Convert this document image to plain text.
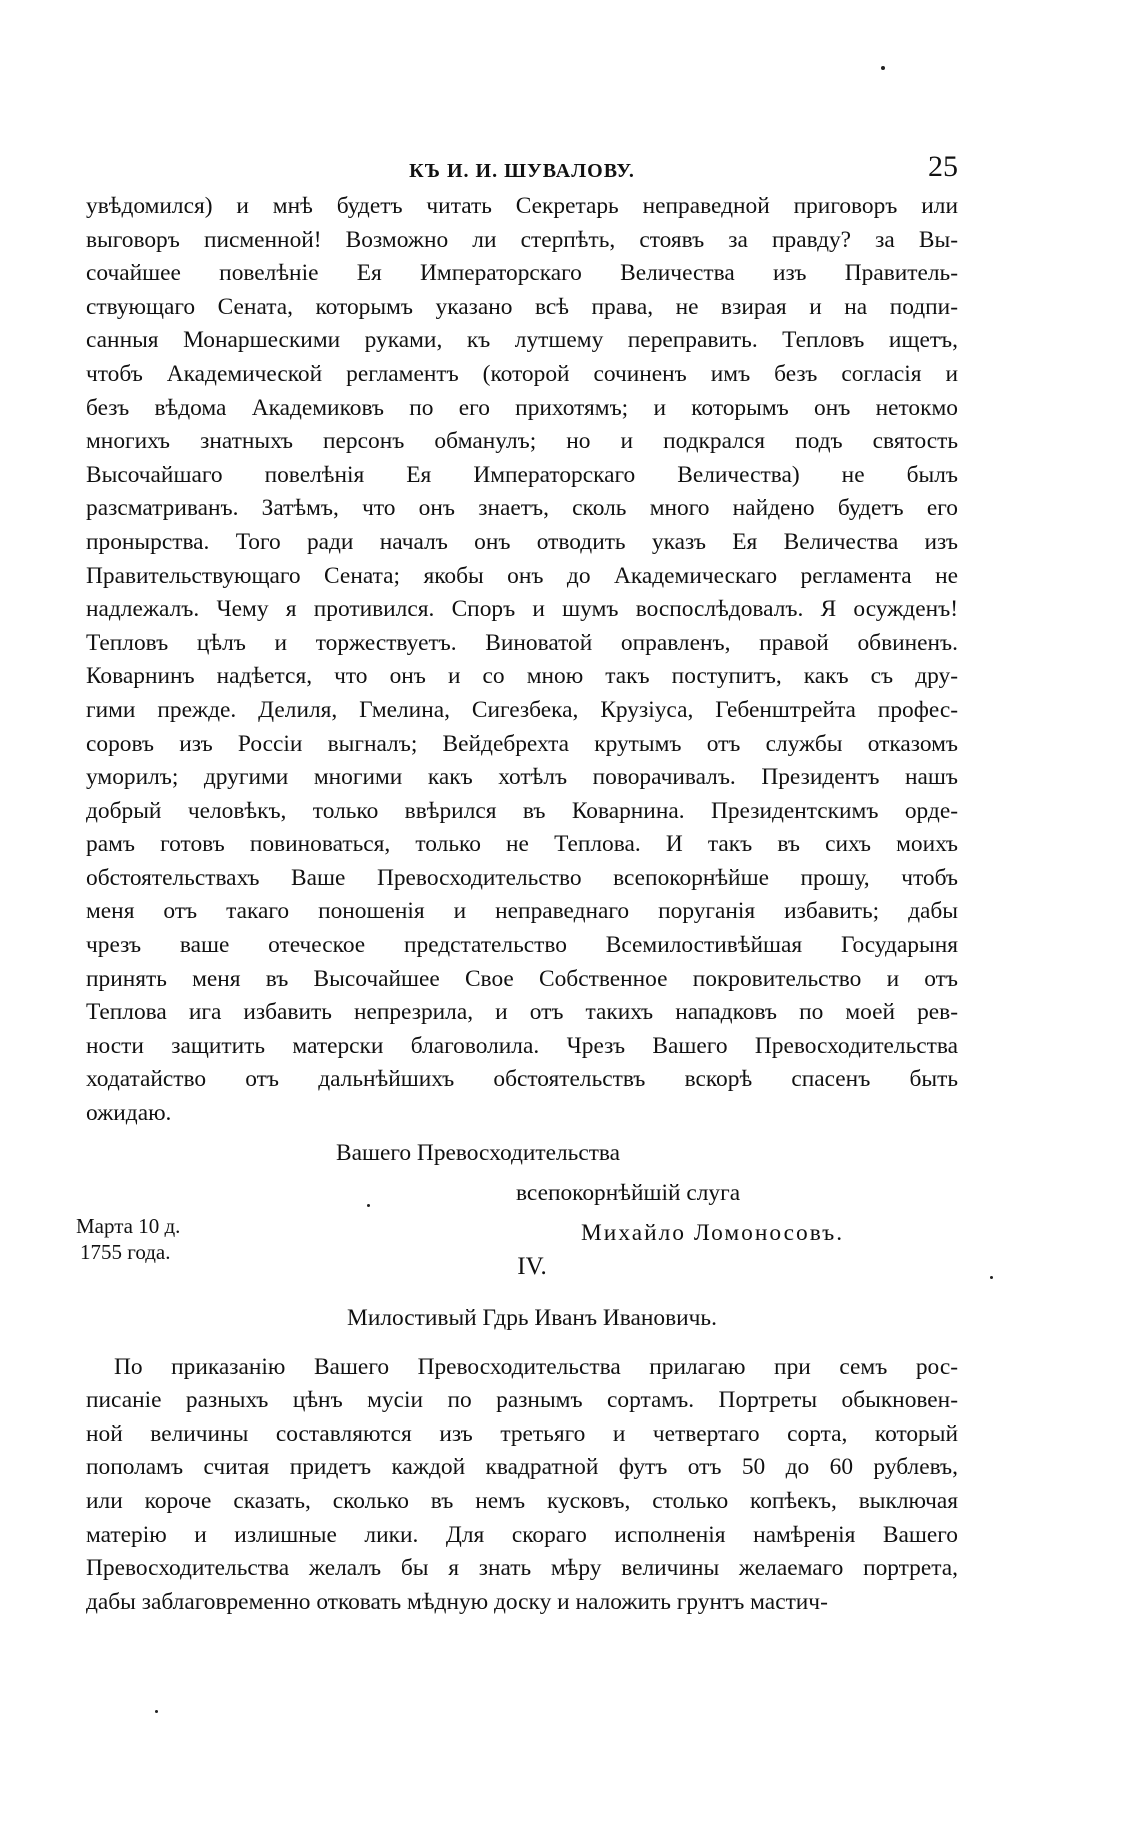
КЪ И. И. ШУВАЛОВУ.	25
увѣдомился) и мнѣ будетъ читать Секретарь неправедной приговоръ или
выговоръ писменной! Возможно ли стерпѣть, стоявъ за правду? за Вы-
сочайшее повелѣніе Ея Императорскаго Величества изъ Правитель-
ствующаго Сената, которымъ указано всѣ права, не взирая и на подпи-
санныя Монаршескими руками, къ лутшему переправить. Тепловъ ищетъ,
чтобъ Академической регламентъ (которой сочиненъ имъ безъ согласія и
безъ вѣдома Академиковъ по его прихотямъ; и которымъ онъ нетокмо
многихъ знатныхъ персонъ обманулъ; но и подкрался подъ святость
Высочайшаго повелѣнія Ея Императорскаго Величества) не былъ
разсматриванъ. Затѣмъ, что онъ знаетъ, сколь много найдено будетъ его
пронырства. Того ради началъ онъ отводить указъ Ея Величества изъ
Правительствующаго Сената; якобы онъ до Академическаго регламента не
надлежалъ. Чему я противился. Споръ и шумъ воспослѣдовалъ. Я осужденъ!
Тепловъ цѣлъ и торжествуетъ. Виноватой оправленъ, правой обвиненъ.
Коварнинъ надѣется, что онъ и со мною такъ поступитъ, какъ съ дру-
гими прежде. Делиля, Гмелина, Сигезбека, Крузіуса, Гебенштрейта профес-
соровъ изъ Россіи выгналъ; Вейдебрехта крутымъ отъ службы отказомъ
уморилъ; другими многими какъ хотѣлъ поворачивалъ. Президентъ нашъ
добрый человѣкъ, только ввѣрился въ Коварнина. Президентскимъ орде-
рамъ готовъ повиноваться, только не Теплова. И такъ въ сихъ моихъ
обстоятельствахъ Ваше Превосходительство всепокорнѣйше прошу, чтобъ
меня отъ такаго поношенія и неправеднаго поруганія избавить; дабы
чрезъ ваше отеческое предстательство Всемилостивѣйшая Государыня
принять меня въ Высочайшее Свое Собственное покровительство и отъ
Теплова ига избавить непрезрила, и отъ такихъ нападковъ по моей рев-
ности защитить матерски благоволила. Чрезъ Вашего Превосходительства
ходатайство отъ дальнѣйшихъ обстоятельствъ вскорѣ спасенъ быть
ожидаю.
Вашего Превосходительства
всепокорнѣйшій слуга
Михайло Ломоносовъ.
Марта 10 д.
1755 года.
IV.
Милостивый Гдрь Иванъ Ивановичь.
По приказанію Вашего Превосходительства прилагаю при семъ рос-
писаніе разныхъ цѣнъ мусіи по разнымъ сортамъ. Портреты обыкновен-
ной величины составляются изъ третьяго и четвертаго сорта, который
пополамъ считая придетъ каждой квадратной футъ отъ 50 до 60 рублевъ,
или короче сказать, сколько въ немъ кусковъ, столько копѣекъ, выключая
матерію и излишные лики. Для скораго исполненія намѣренія Вашего
Превосходительства желалъ бы я знать мѣру величины желаемаго портрета,
дабы заблаговременно отковать мѣдную доску и наложить грунтъ мастич-
